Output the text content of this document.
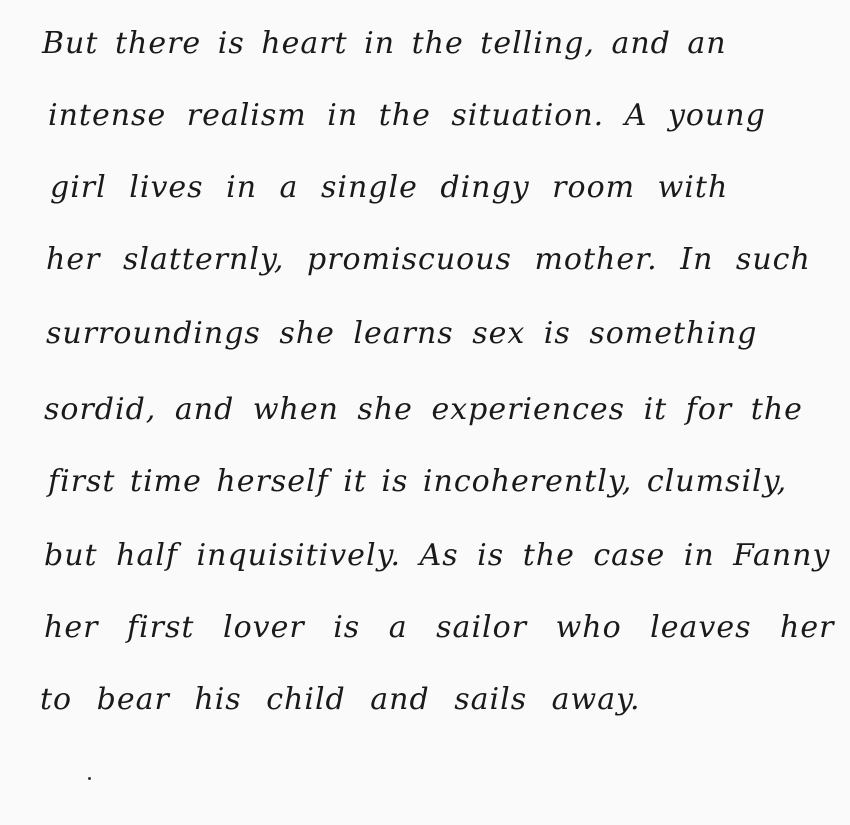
But there is heart in the telling, and an

intense realism in the situation. A young

girl lives in a single dingy room with

her slatternly, promiscuous mother. In such

surroundings she learns sex is something

sordid, and when she experiences it for the

first time herself it is incoherently, clumsily,

but half inquisitively. As is the case in Fanny

her first lover is a sailor who leaves her

to bear his child and sails away.
